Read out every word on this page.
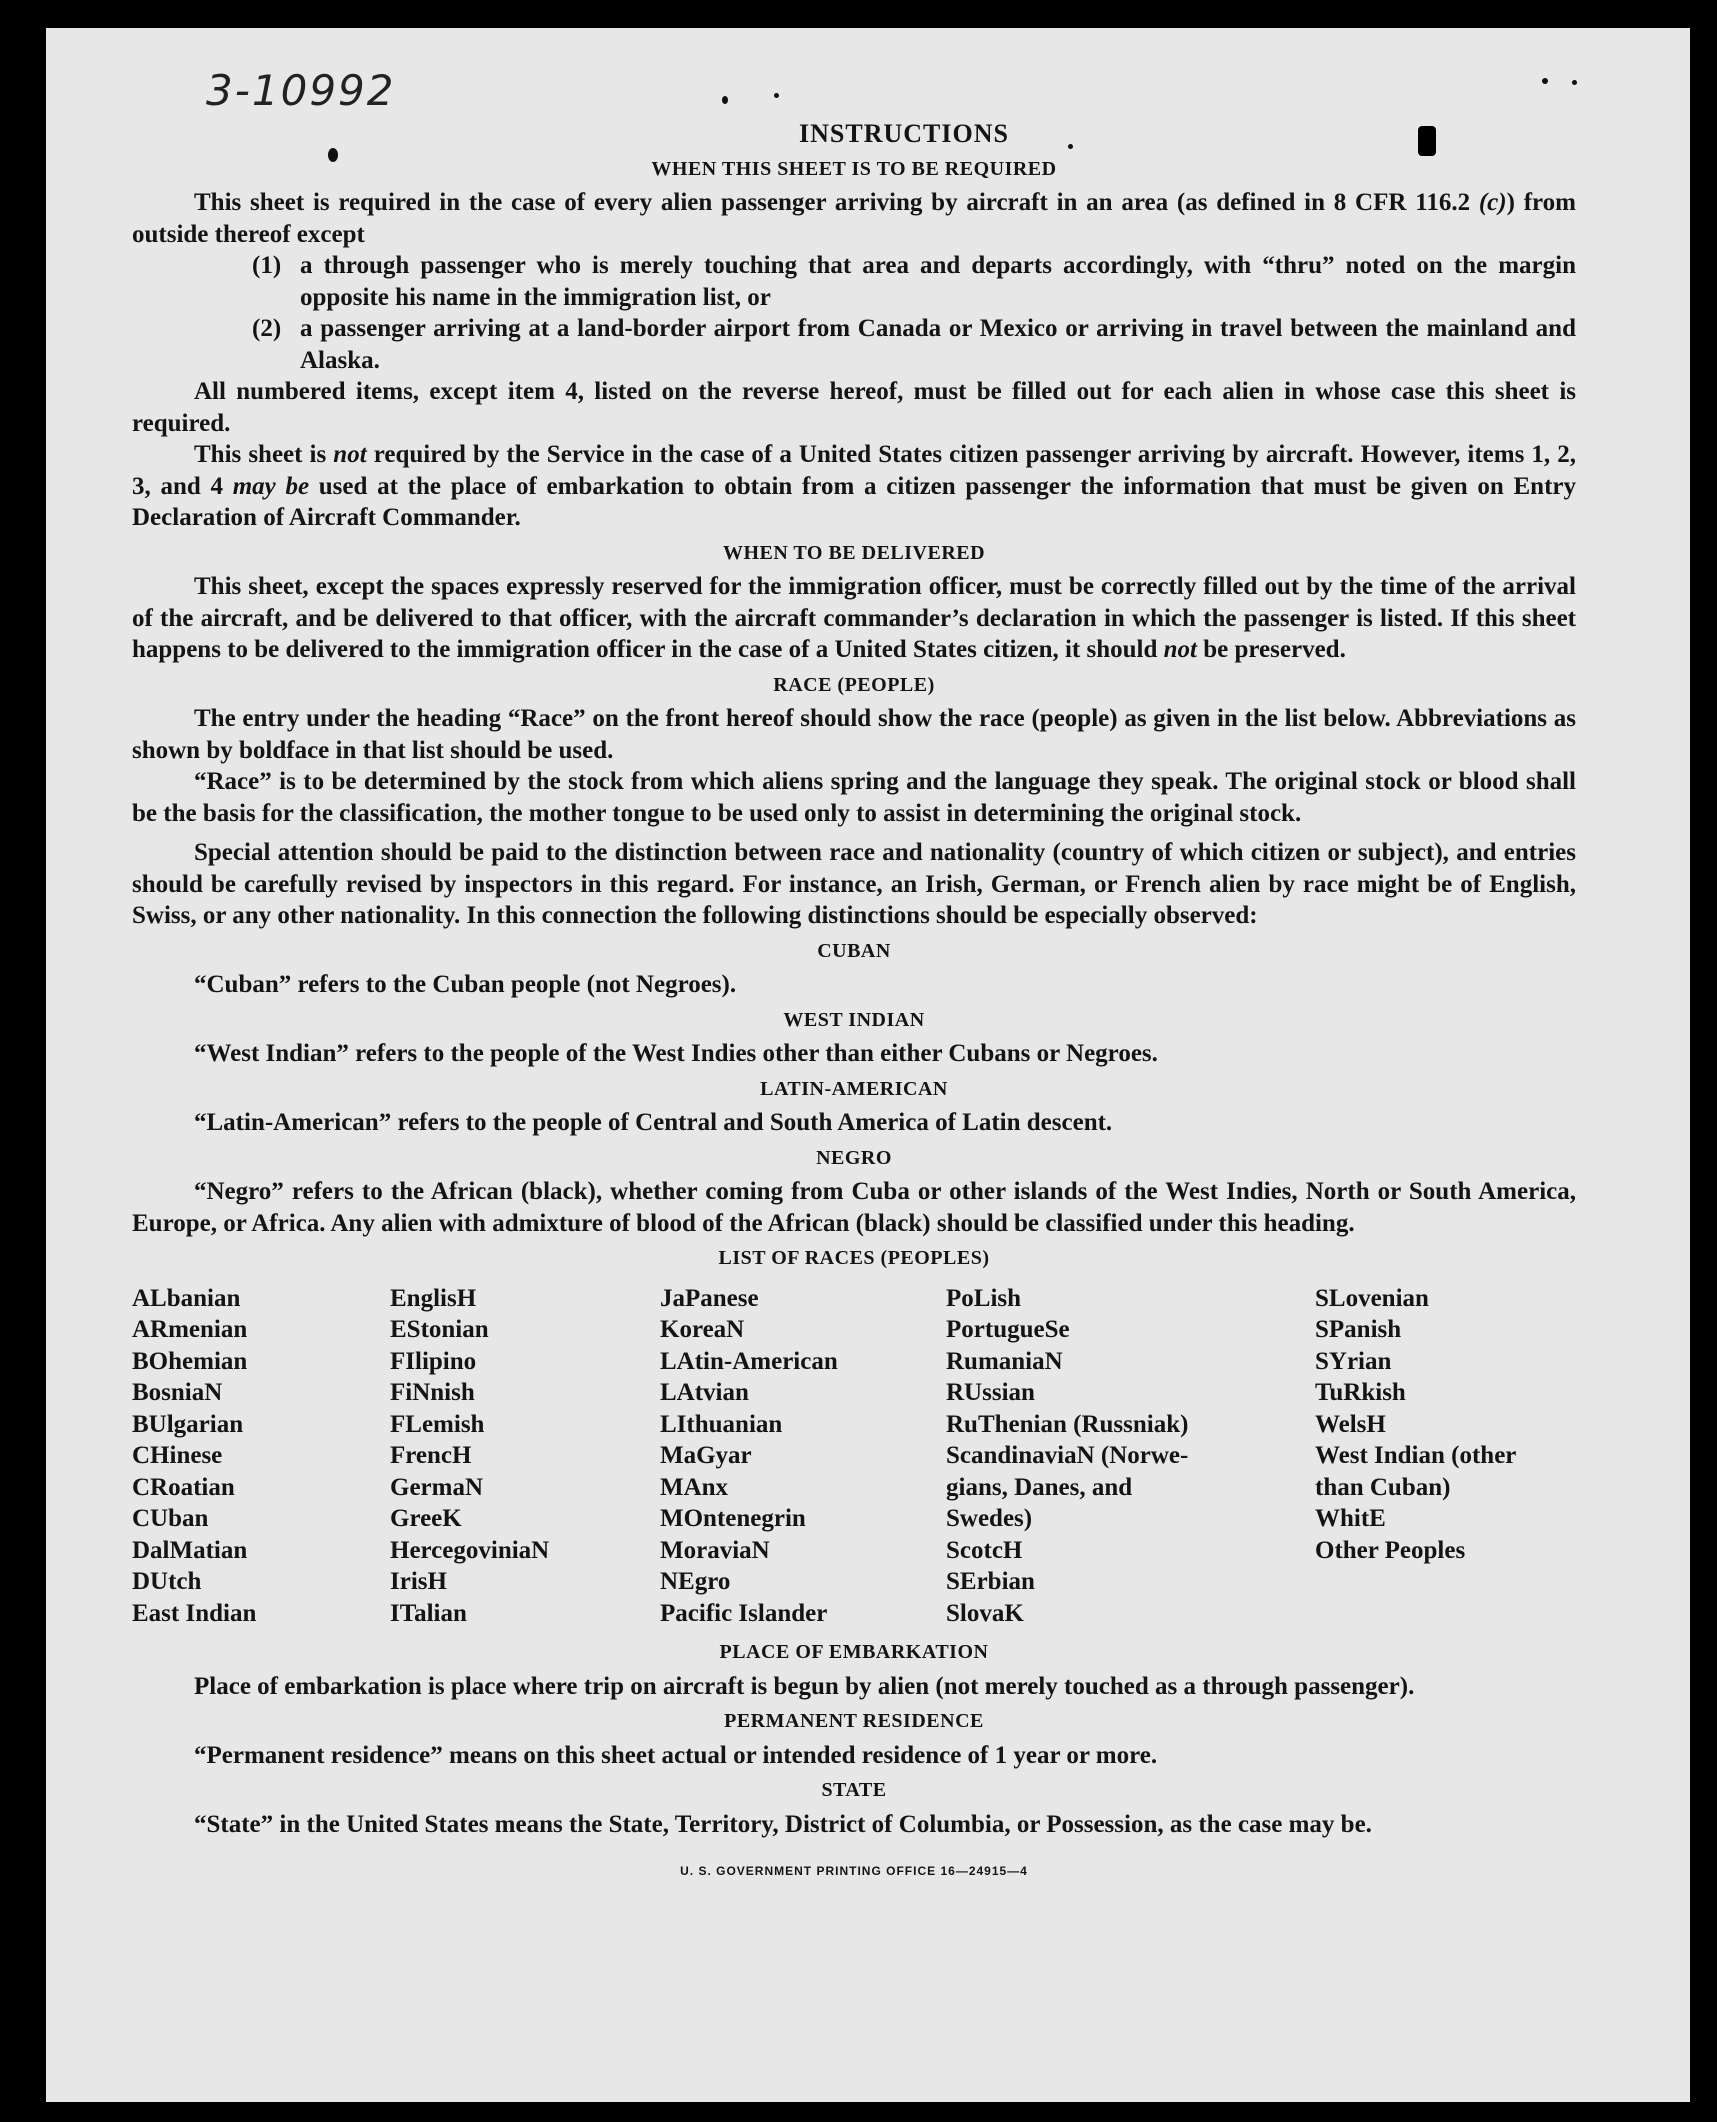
3-10992
INSTRUCTIONS
WHEN THIS SHEET IS TO BE REQUIRED

This sheet is required in the case of every alien passenger arriving by aircraft in an area (as defined in 8 CFR 116.2 (c)) from outside thereof except

(1) a through passenger who is merely touching that area and departs accordingly, with “thru” noted on the margin opposite his name in the immigration list, or
(2) a passenger arriving at a land-border airport from Canada or Mexico or arriving in travel between the mainland and Alaska.

All numbered items, except item 4, listed on the reverse hereof, must be filled out for each alien in whose case this sheet is required.

This sheet is not required by the Service in the case of a United States citizen passenger arriving by aircraft. However, items 1, 2, 3, and 4 may be used at the place of embarkation to obtain from a citizen passenger the information that must be given on Entry Declaration of Aircraft Commander.

WHEN TO BE DELIVERED

This sheet, except the spaces expressly reserved for the immigration officer, must be correctly filled out by the time of the arrival of the aircraft, and be delivered to that officer, with the aircraft commander’s declaration in which the passenger is listed. If this sheet happens to be delivered to the immigration officer in the case of a United States citizen, it should not be preserved.

RACE (PEOPLE)

The entry under the heading “Race” on the front hereof should show the race (people) as given in the list below. Abbreviations as shown by boldface in that list should be used.

“Race” is to be determined by the stock from which aliens spring and the language they speak. The original stock or blood shall be the basis for the classification, the mother tongue to be used only to assist in determining the original stock.

Special attention should be paid to the distinction between race and nationality (country of which citizen or subject), and entries should be carefully revised by inspectors in this regard. For instance, an Irish, German, or French alien by race might be of English, Swiss, or any other nationality. In this connection the following distinctions should be especially observed:

CUBAN

“Cuban” refers to the Cuban people (not Negroes).

WEST INDIAN

“West Indian” refers to the people of the West Indies other than either Cubans or Negroes.

LATIN-AMERICAN

“Latin-American” refers to the people of Central and South America of Latin descent.

NEGRO

“Negro” refers to the African (black), whether coming from Cuba or other islands of the West Indies, North or South America, Europe, or Africa. Any alien with admixture of blood of the African (black) should be classified under this heading.

LIST OF RACES (PEOPLES)
ALbanian
ARmenian
BOhemian
BosniaN
BUlgarian
CHinese
CRoatian
CUban
DalMatian
DUtch
East Indian
EnglisH
EStonian
FIlipino
FiNnish
FLemish
FrencH
GermaN
GreeK
HercegoviniaN
IrisH
ITalian
JaPanese
KoreaN
LAtin-American
LAtvian
LIthuanian
MaGyar
MAnx
MOntenegrin
MoraviaN
NEgro
Pacific Islander
PoLish
PortugueSe
RumaniaN
RUssian
RuThenian (Russniak)
ScandinaviaN (Norwe-
gians, Danes, and
Swedes)
ScotcH
SErbian
SlovaK
SLovenian
SPanish
SYrian
TuRkish
WelsH
West Indian (other
than Cuban)
WhitE
Other Peoples
PLACE OF EMBARKATION

Place of embarkation is place where trip on aircraft is begun by alien (not merely touched as a through passenger).

PERMANENT RESIDENCE

“Permanent residence” means on this sheet actual or intended residence of 1 year or more.

STATE

“State” in the United States means the State, Territory, District of Columbia, or Possession, as the case may be.

U. S. GOVERNMENT PRINTING OFFICE 16—24915—4
